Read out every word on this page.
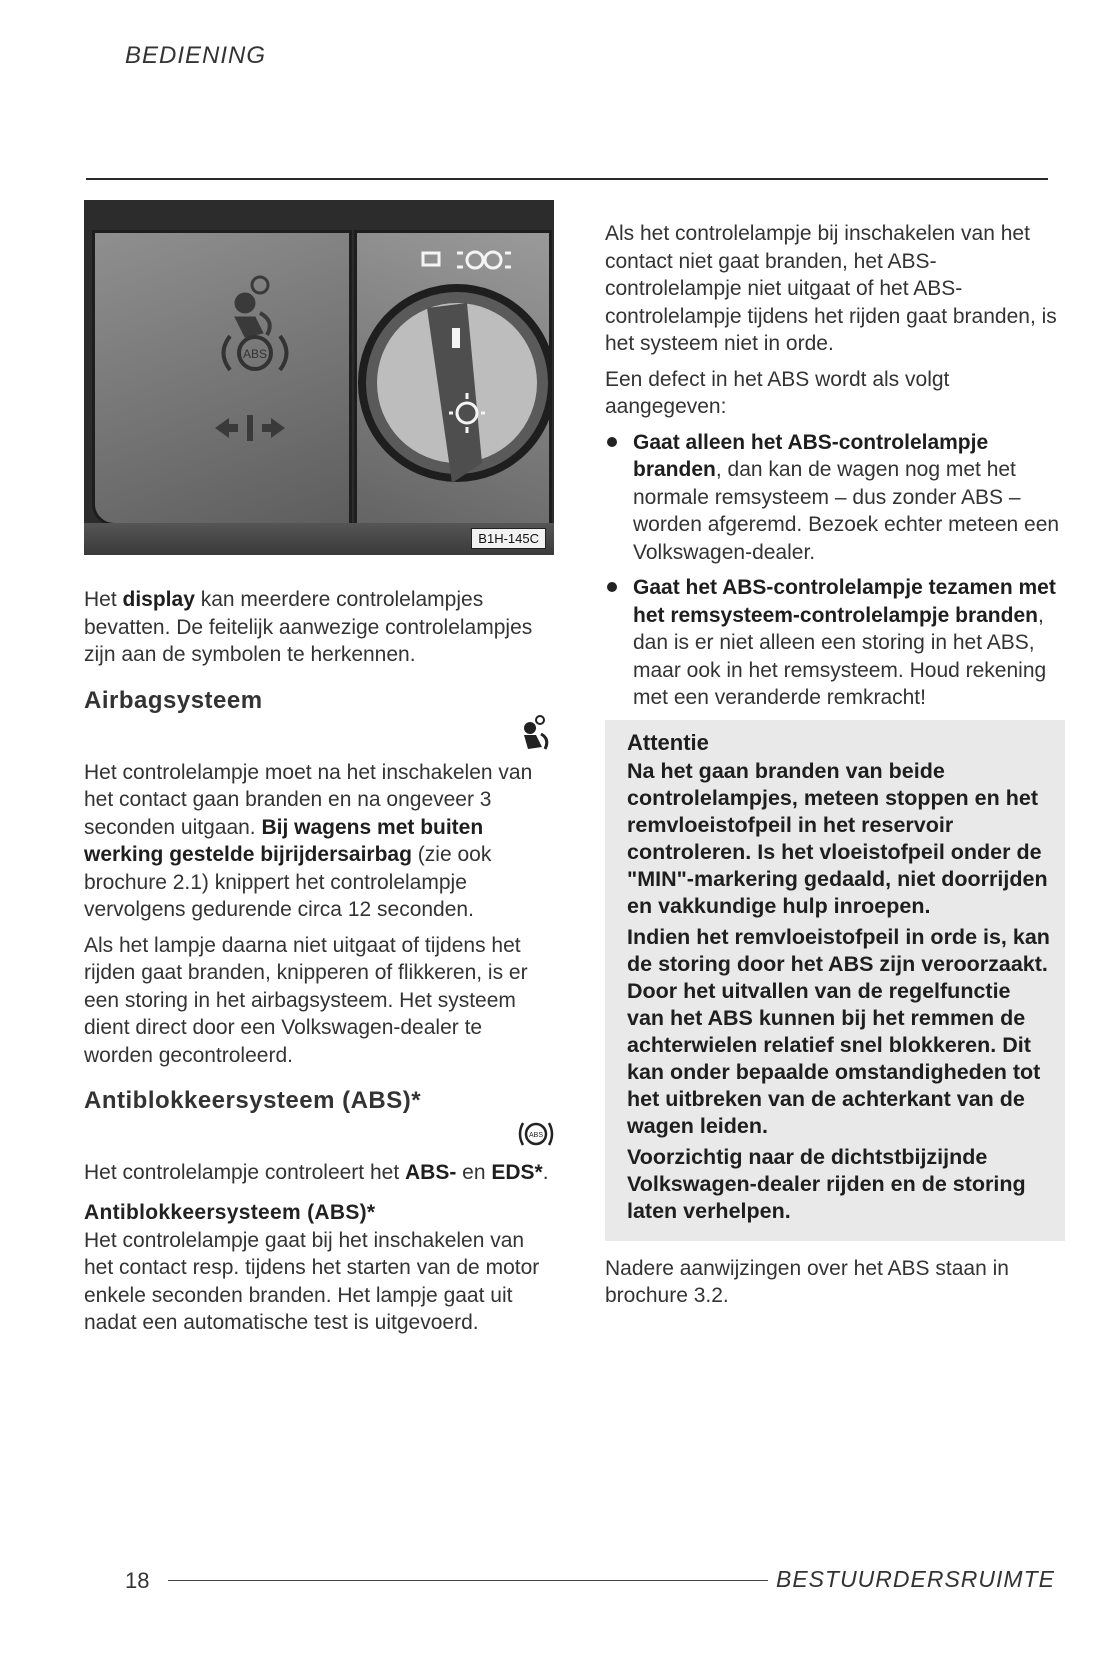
BEDIENING
ABS
B1H-145C

Het display kan meerdere controlelampjes bevatten. De feitelijk aanwezige controlelampjes zijn aan de symbolen te herkennen.

Airbagsysteem

Het controlelampje moet na het inschakelen van het contact gaan branden en na ongeveer 3 seconden uitgaan. Bij wagens met buiten werking gestelde bijrijdersairbag (zie ook brochure 2.1) knippert het controlelampje vervolgens gedurende circa 12 seconden.

Als het lampje daarna niet uitgaat of tijdens het rijden gaat branden, knipperen of flikkeren, is er een storing in het airbagsysteem. Het systeem dient direct door een Volkswagen-dealer te worden gecontroleerd.

Antiblokkeersysteem (ABS)*
ABS

Het controlelampje controleert het ABS- en EDS*.

Antiblokkeersysteem (ABS)*

Het controlelampje gaat bij het inschakelen van het contact resp. tijdens het starten van de motor enkele seconden branden. Het lampje gaat uit nadat een automatische test is uitgevoerd.

Als het controlelampje bij inschakelen van het contact niet gaat branden, het ABS-controlelampje niet uitgaat of het ABS-controlelampje tijdens het rijden gaat branden, is het systeem niet in orde.

Een defect in het ABS wordt als volgt aangegeven:

Gaat alleen het ABS-controlelampje branden, dan kan de wagen nog met het normale remsysteem – dus zonder ABS – worden afgeremd. Bezoek echter meteen een Volkswagen-dealer.

Gaat het ABS-controlelampje tezamen met het remsysteem-controlelampje branden, dan is er niet alleen een storing in het ABS, maar ook in het remsysteem. Houd rekening met een veranderde remkracht!

Attentie

Na het gaan branden van beide controlelampjes, meteen stoppen en het remvloeistofpeil in het reservoir controleren. Is het vloeistofpeil onder de "MIN"-markering gedaald, niet doorrijden en vakkundige hulp inroepen.

Indien het remvloeistofpeil in orde is, kan de storing door het ABS zijn veroorzaakt. Door het uitvallen van de regelfunctie van het ABS kunnen bij het remmen de achterwielen relatief snel blokkeren. Dit kan onder bepaalde omstandigheden tot het uitbreken van de achterkant van de wagen leiden.

Voorzichtig naar de dichtstbijzijnde Volkswagen-dealer rijden en de storing laten verhelpen.

Nadere aanwijzingen over het ABS staan in brochure 3.2.

18	BESTUURDERSRUIMTE
